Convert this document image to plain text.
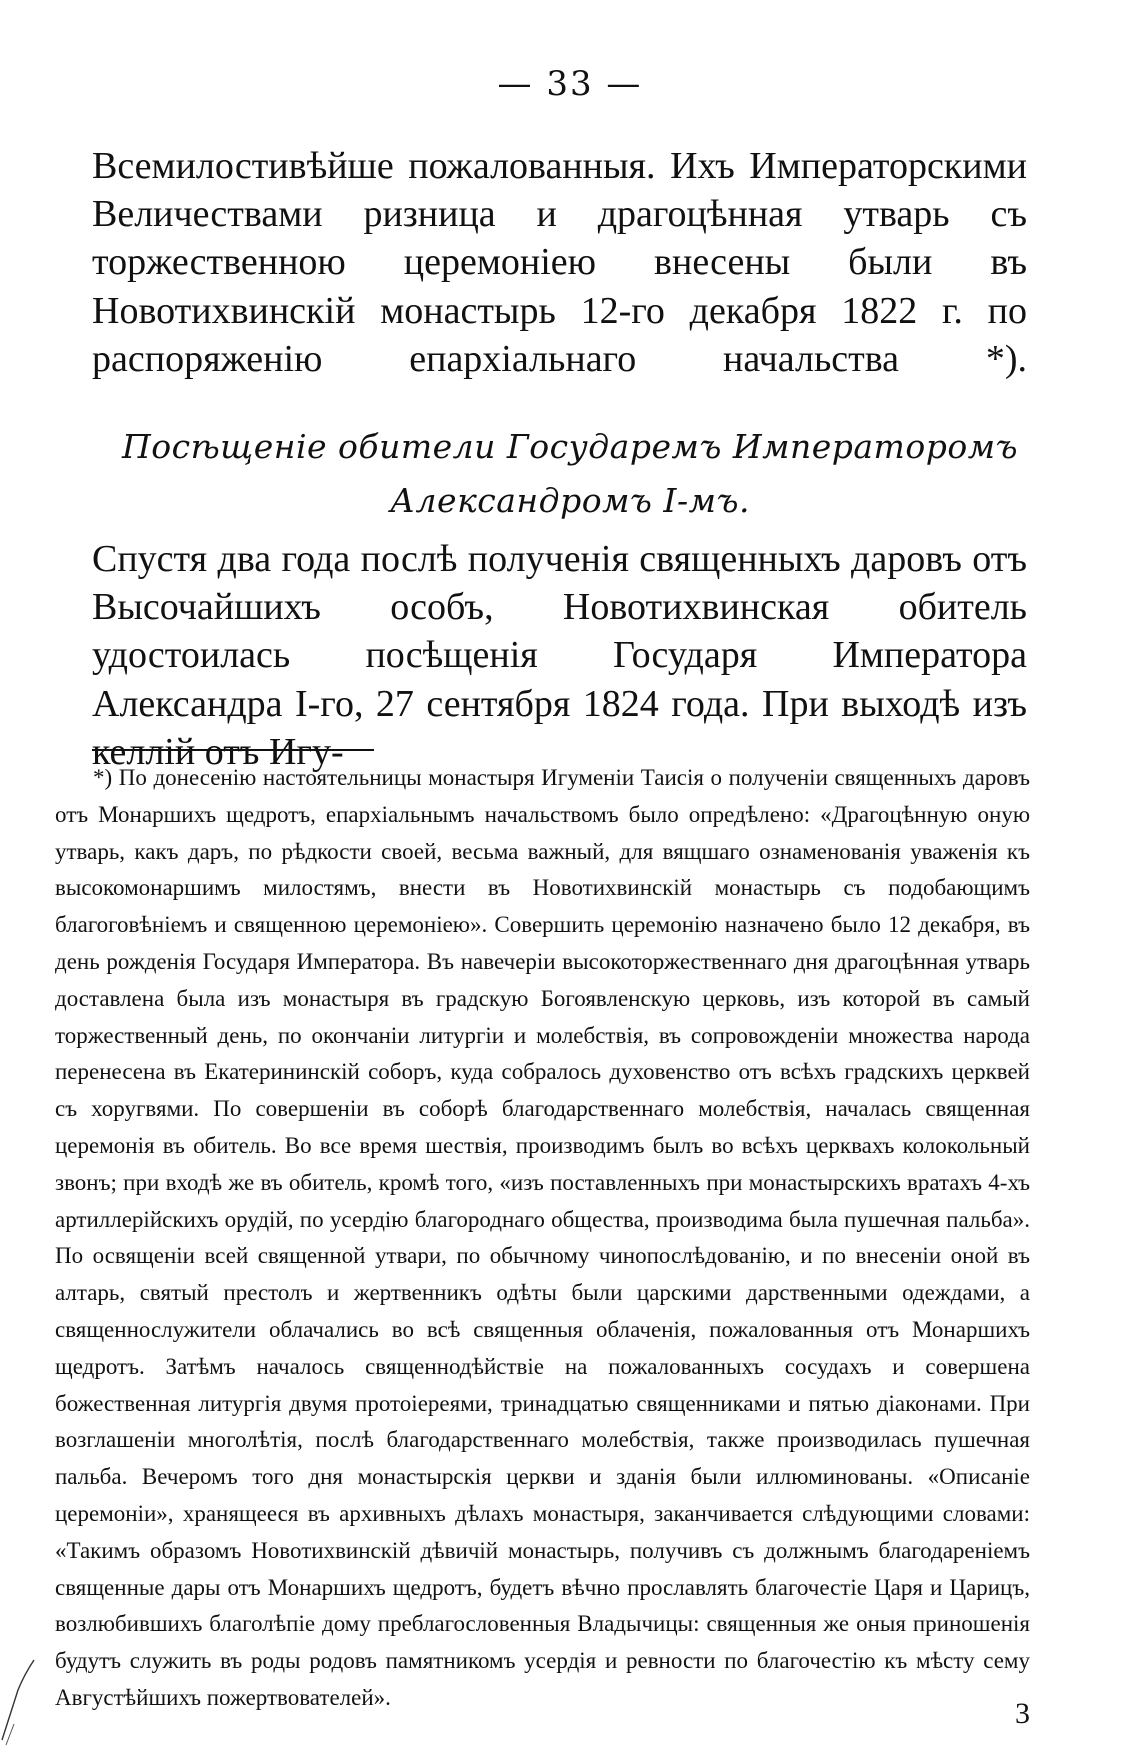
— 33 —
Всемилостивѣйше пожалованныя. Ихъ Императорскими Величествами ризница и драгоцѣнная утварь съ торжественною церемоніею внесены были въ Новотихвинскій монастырь 12-го декабря 1822 г. по распоряженію епархіальнаго начальства *).
Посѣщеніе обители Государемъ Императоромъ
Александромъ I-мъ.
Спустя два года послѣ полученія священныхъ даровъ отъ Высочайшихъ особъ, Новотихвинская обитель удостоилась посѣщенія Государя Императора Александра I-го, 27 сентября 1824 года. При выходѣ изъ келлій отъ Игу-
*) По донесенію настоятельницы монастыря Игуменіи Таисія о полученіи священныхъ даровъ отъ Монаршихъ щедротъ, епархіальнымъ начальствомъ было опредѣлено: «Драгоцѣнную оную утварь, какъ даръ, по рѣдкости своей, весьма важный, для вящшаго ознаменованія уваженія къ высокомонаршимъ милостямъ, внести въ Новотихвинскій монастырь съ подобающимъ благоговѣніемъ и священною церемоніею». Совершить церемонію назначено было 12 декабря, въ день рожденія Государя Императора. Въ навечеріи высокоторжественнаго дня драгоцѣнная утварь доставлена была изъ монастыря въ градскую Богоявленскую церковь, изъ которой въ самый торжественный день, по окончаніи литургіи и молебствія, въ сопровожденіи множества народа перенесена въ Екатерининскій соборъ, куда собралось духовенство отъ всѣхъ градскихъ церквей съ хоругвями. По совершеніи въ соборѣ благодарственнаго молебствія, началась священная церемонія въ обитель. Во все время шествія, производимъ былъ во всѣхъ церквахъ колокольный звонъ; при входѣ же въ обитель, кромѣ того, «изъ поставленныхъ при монастырскихъ вратахъ 4-хъ артиллерійскихъ орудій, по усердію благороднаго общества, производима была пушечная пальба». По освященіи всей священной утвари, по обычному чинопослѣдованію, и по внесеніи оной въ алтарь, святый престолъ и жертвенникъ одѣты были царскими дарственными одеждами, а священнослужители облачались во всѣ священныя облаченія, пожалованныя отъ Монаршихъ щедротъ. Затѣмъ началось священнодѣйствіе на пожалованныхъ сосудахъ и совершена божественная литургія двумя протоіереями, тринадцатью священниками и пятью діаконами. При возглашеніи многолѣтія, послѣ благодарственнаго молебствія, также производилась пушечная пальба. Вечеромъ того дня монастырскія церкви и зданія были иллюминованы. «Описаніе церемоніи», хранящееся въ архивныхъ дѣлахъ монастыря, заканчивается слѣдующими словами: «Такимъ образомъ Новотихвинскій дѣвичій монастырь, получивъ съ должнымъ благодареніемъ священные дары отъ Монаршихъ щедротъ, будетъ вѣчно прославлять благочестіе Царя и Царицъ, возлюбившихъ благолѣпіе дому преблагословенныя Владычицы: священныя же оныя приношенія будутъ служить въ роды родовъ памятникомъ усердія и ревности по благочестію къ мѣсту сему Августѣйшихъ пожертвователей».	3
